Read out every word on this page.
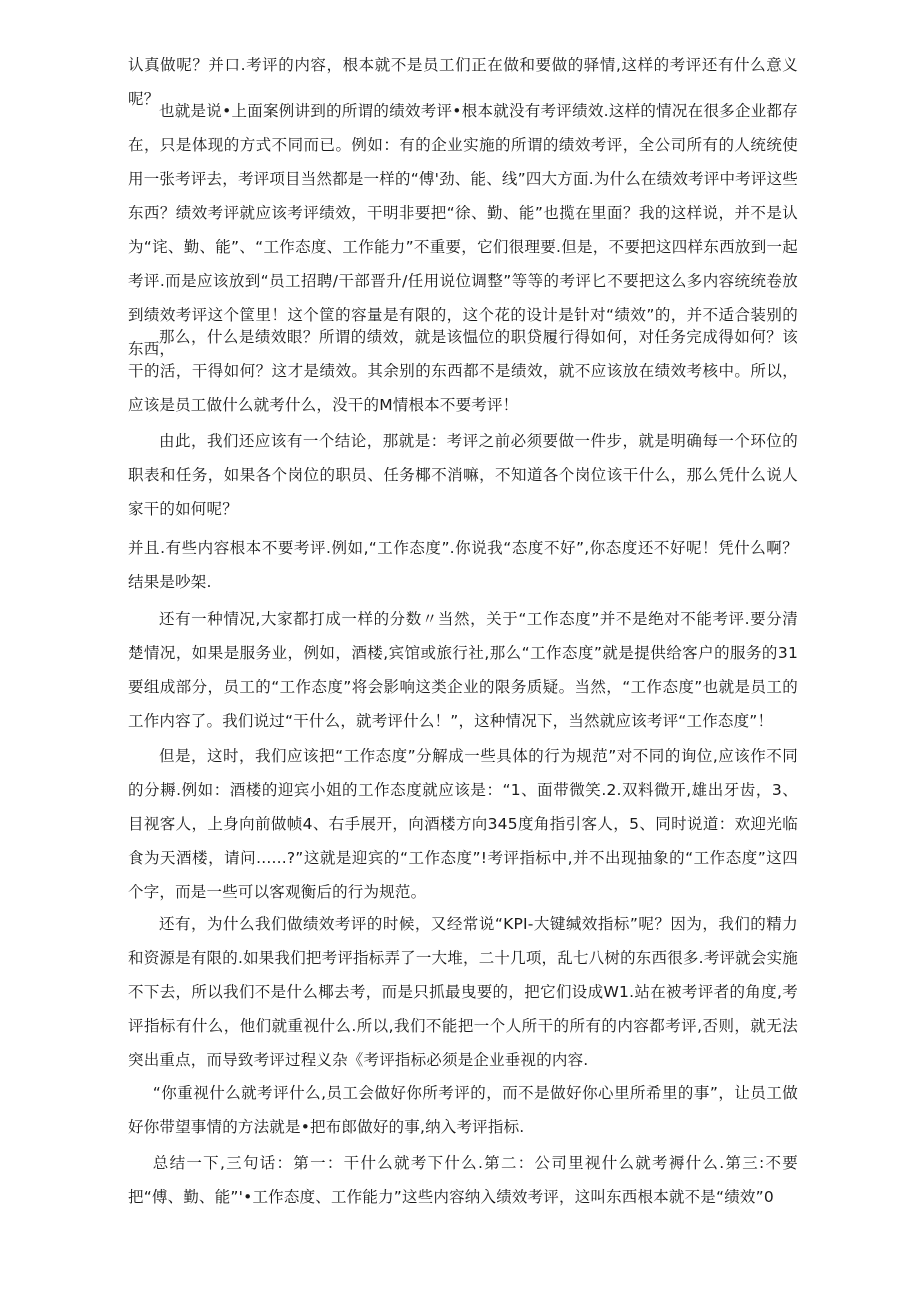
认真做呢？并口.考评的内容，根本就不是员工们正在做和要做的驿情,这样的考评还有什么意义呢？

也就是说•上面案例讲到的所谓的绩效考评•根本就没有考评绩效.这样的情况在很多企业都存在，只是体现的方式不同而已。例如：有的企业实施的所谓的绩效考评，全公司所有的人统统使用一张考评去，考评项目当然都是一样的“傅'劲、能、线”四大方面.为什么在绩效考评中考评这些东西？绩效考评就应该考评绩效，干明非要把“徐、勤、能”也揽在里面？我的这样说，并不是认为“诧、勤、能”、“工作态度、工作能力”不重要，它们很理要.但是，不要把这四样东西放到一起考评.而是应该放到“员工招聘/干部晋升/任用说位调整”等等的考评匕不要把这么多内容统统卷放到绩效考评这个筐里！这个筐的容量是有限的，这个花的设计是针对“绩效”的，并不适合装别的东西，

那么，什么是绩效眼？所谓的绩效，就是该愠位的职贷履行得如何，对任务完成得如何？该干的活，干得如何？这才是绩效。其余别的东西都不是绩效，就不应该放在绩效考核中。所以，应该是员工做什么就考什么，没干的M情根本不要考评！

由此，我们还应该有一个结论，那就是：考评之前必须要做一件步，就是明确每一个环位的职表和任务，如果各个岗位的职员、任务椰不消嘛，不知道各个岗位该干什么，那么凭什么说人家干的如何呢？

并且.有些内容根本不要考评.例如,“工作态度”.你说我“态度不好”,你态度还不好呢！凭什么啊？结果是吵架.

还有一种情况,大家都打成一样的分数〃当然，关于“工作态度”并不是绝对不能考评.要分清楚情况，如果是服务业，例如，酒楼,宾馆或旅行社,那么“工作态度”就是提供给客户的服务的31要组成部分，员工的“工作态度”将会影响这类企业的限务质疑。当然，“工作态度”也就是员工的工作内容了。我们说过“干什么，就考评什么！”，这种情况下，当然就应该考评“工作态度”！

但是，这时，我们应该把“工作态度”分解成一些具体的行为规范”对不同的询位,应该作不同的分耨.例如：酒楼的迎宾小姐的工作态度就应该是：“1、面带微笑.2.双料微开,雄出牙齿，3、目视客人，上身向前做帧4、右手展开，向酒楼方向345度角指引客人，5、同时说道：欢迎光临食为天酒楼，请问......?”这就是迎宾的“工作态度”!考评指标中,并不出现抽象的“工作态度”这四个字，而是一些可以客观衡后的行为规范。

还有，为什么我们做绩效考评的时候，又经常说“KPI-大键缄效指标”呢？因为，我们的精力和资源是有限的.如果我们把考评指标弄了一大堆，二十几项，乱七八树的东西很多.考评就会实施不下去，所以我们不是什么椰去考，而是只抓最曳要的，把它们设成W1.站在被考评者的角度,考评指标有什么，他们就重视什么.所以,我们不能把一个人所干的所有的内容都考评,否则，就无法突出重点，而导致考评过程义杂《考评指标必须是企业垂视的内容.

“你重视什么就考评什么,员工会做好你所考评的，而不是做好你心里所希里的事”，让员工做好你带望事情的方法就是•把布郎做好的事,纳入考评指标.

总结一下,三句话：第一：干什么就考下什么.第二：公司里视什么就考褥什么.第三:不要把“傅、勤、能”'•工作态度、工作能力”这些内容纳入绩效考评，这叫东西根本就不是“绩效”0
